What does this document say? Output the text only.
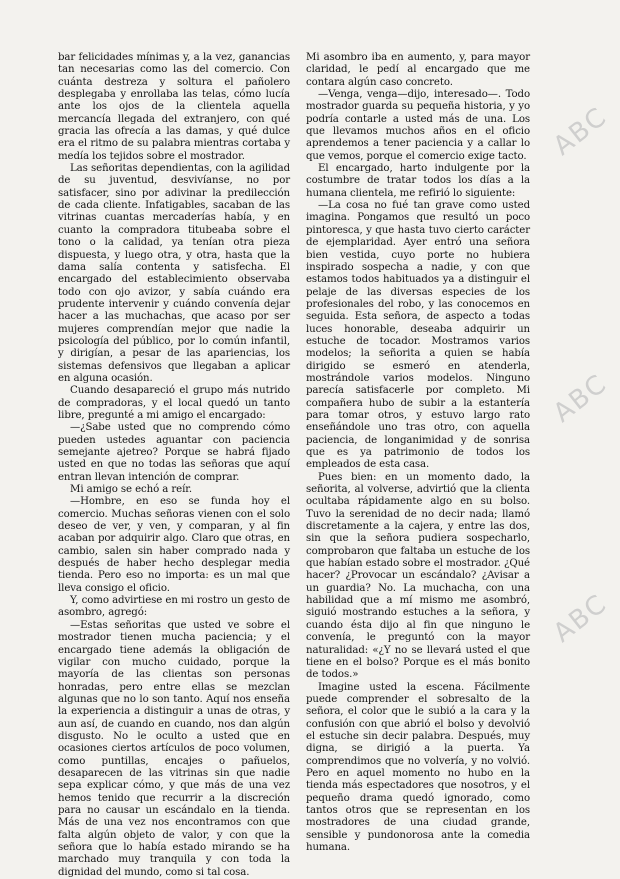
bar felicidades mínimas y, a la vez, ganancias tan necesarias como las del comercio. Con cuánta destreza y soltura el pañolero desplegaba y enrollaba las telas, cómo lucía ante los ojos de la clientela aquella mercancía llegada del extranjero, con qué gracia las ofrecía a las damas, y qué dulce era el ritmo de su palabra mientras cortaba y medía los tejidos sobre el mostrador.

Las señoritas dependientas, con la agilidad de su juventud, desvivíanse, no por satisfacer, sino por adivinar la predilección de cada cliente. Infatigables, sacaban de las vitrinas cuantas mercaderías había, y en cuanto la compradora titubeaba sobre el tono o la calidad, ya tenían otra pieza dispuesta, y luego otra, y otra, hasta que la dama salía contenta y satisfecha. El encargado del establecimiento observaba todo con ojo avizor, y sabía cuándo era prudente intervenir y cuándo convenía dejar hacer a las muchachas, que acaso por ser mujeres comprendían mejor que nadie la psicología del público, por lo común infantil, y dirigían, a pesar de las apariencias, los sistemas defensivos que llegaban a aplicar en alguna ocasión.

Cuando desapareció el grupo más nutrido de compradoras, y el local quedó un tanto libre, pregunté a mi amigo el encargado:

—¿Sabe usted que no comprendo cómo pueden ustedes aguantar con paciencia semejante ajetreo? Porque se habrá fijado usted en que no todas las señoras que aquí entran llevan intención de comprar.

Mi amigo se echó a reír.

—Hombre, en eso se funda hoy el comercio. Muchas señoras vienen con el solo deseo de ver, y ven, y comparan, y al fin acaban por adquirir algo. Claro que otras, en cambio, salen sin haber comprado nada y después de haber hecho desplegar media tienda. Pero eso no importa: es un mal que lleva consigo el oficio.

Y, como advirtiese en mi rostro un gesto de asombro, agregó:

—Estas señoritas que usted ve sobre el mostrador tienen mucha paciencia; y el encargado tiene además la obligación de vigilar con mucho cuidado, porque la mayoría de las clientas son personas honradas, pero entre ellas se mezclan algunas que no lo son tanto. Aquí nos enseña la experiencia a distinguir a unas de otras, y aun así, de cuando en cuando, nos dan algún disgusto. No le oculto a usted que en ocasiones ciertos artículos de poco volumen, como puntillas, encajes o pañuelos, desaparecen de las vitrinas sin que nadie sepa explicar cómo, y que más de una vez hemos tenido que recurrir a la discreción para no causar un escándalo en la tienda. Más de una vez nos encontramos con que falta algún objeto de valor, y con que la señora que lo había estado mirando se ha marchado muy tranquila y con toda la dignidad del mundo, como si tal cosa.

Mi asombro iba en aumento, y, para mayor claridad, le pedí al encargado que me contara algún caso concreto.

—Venga, venga—dijo, interesado—. Todo mostrador guarda su pequeña historia, y yo podría contarle a usted más de una. Los que llevamos muchos años en el oficio aprendemos a tener paciencia y a callar lo que vemos, porque el comercio exige tacto.

El encargado, harto indulgente por la costumbre de tratar todos los días a la humana clientela, me refirió lo siguiente:

—La cosa no fué tan grave como usted imagina. Pongamos que resultó un poco pintoresca, y que hasta tuvo cierto carácter de ejemplaridad. Ayer entró una señora bien vestida, cuyo porte no hubiera inspirado sospecha a nadie, y con que estamos todos habituados ya a distinguir el pelaje de las diversas especies de los profesionales del robo, y las conocemos en seguida. Esta señora, de aspecto a todas luces honorable, deseaba adquirir un estuche de tocador. Mostramos varios modelos; la señorita a quien se había dirigido se esmeró en atenderla, mostrándole varios modelos. Ninguno parecía satisfacerle por completo. Mi compañera hubo de subir a la estantería para tomar otros, y estuvo largo rato enseñándole uno tras otro, con aquella paciencia, de longanimidad y de sonrisa que es ya patrimonio de todos los empleados de esta casa.

Pues bien: en un momento dado, la señorita, al volverse, advirtió que la clienta ocultaba rápidamente algo en su bolso. Tuvo la serenidad de no decir nada; llamó discretamente a la cajera, y entre las dos, sin que la señora pudiera sospecharlo, comprobaron que faltaba un estuche de los que habían estado sobre el mostrador. ¿Qué hacer? ¿Provocar un escándalo? ¿Avisar a un guardia? No. La muchacha, con una habilidad que a mí mismo me asombró, siguió mostrando estuches a la señora, y cuando ésta dijo al fin que ninguno le convenía, le preguntó con la mayor naturalidad: «¿Y no se llevará usted el que tiene en el bolso? Porque es el más bonito de todos.»

Imagine usted la escena. Fácilmente puede comprender el sobresalto de la señora, el color que le subió a la cara y la confusión con que abrió el bolso y devolvió el estuche sin decir palabra. Después, muy digna, se dirigió a la puerta. Ya comprendimos que no volvería, y no volvió. Pero en aquel momento no hubo en la tienda más espectadores que nosotros, y el pequeño drama quedó ignorado, como tantos otros que se representan en los mostradores de una ciudad grande, sensible y pundonorosa ante la comedia humana.

ABC
ABC
ABC
